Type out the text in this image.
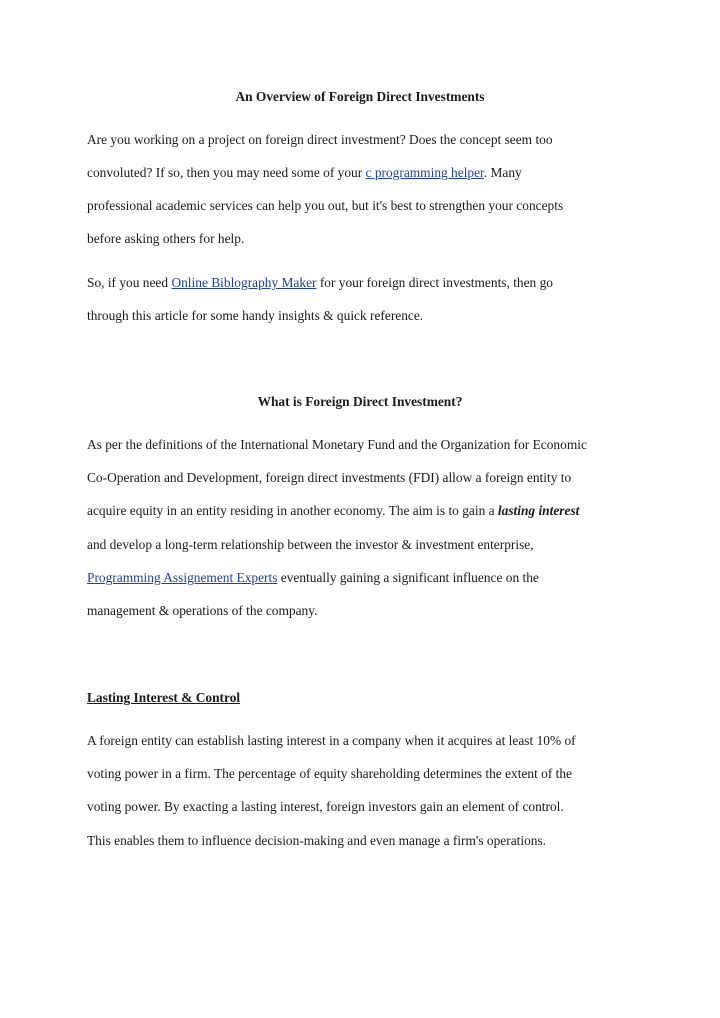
An Overview of Foreign Direct Investments
Are you working on a project on foreign direct investment? Does the concept seem too
convoluted? If so, then you may need some of your c programming helper. Many
professional academic services can help you out, but it's best to strengthen your concepts
before asking others for help.
So, if you need Online Biblography Maker for your foreign direct investments, then go
through this article for some handy insights & quick reference.
What is Foreign Direct Investment?
As per the definitions of the International Monetary Fund and the Organization for Economic
Co-Operation and Development, foreign direct investments (FDI) allow a foreign entity to
acquire equity in an entity residing in another economy. The aim is to gain a lasting interest
and develop a long-term relationship between the investor & investment enterprise,
Programming Assignement Experts eventually gaining a significant influence on the
management & operations of the company.
Lasting Interest & Control
A foreign entity can establish lasting interest in a company when it acquires at least 10% of
voting power in a firm. The percentage of equity shareholding determines the extent of the
voting power. By exacting a lasting interest, foreign investors gain an element of control.
This enables them to influence decision-making and even manage a firm's operations.
